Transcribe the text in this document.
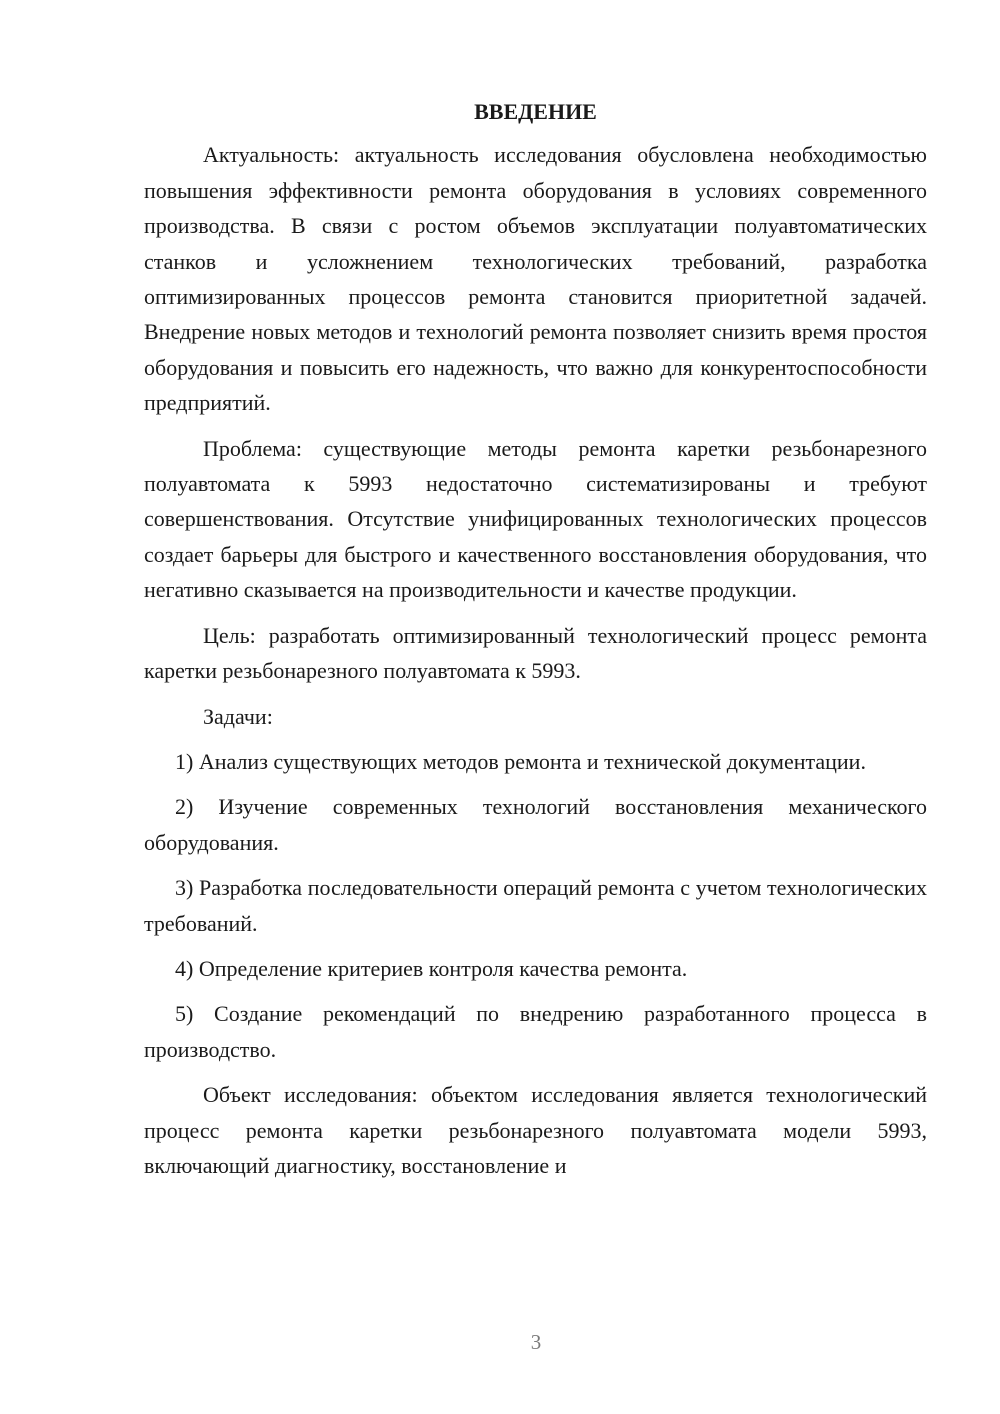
ВВЕДЕНИЕ

Актуальность: актуальность исследования обусловлена необходимостью повышения эффективности ремонта оборудования в условиях современного производства. В связи с ростом объемов эксплуатации полуавтоматических станков и усложнением технологических требований, разработка оптимизированных процессов ремонта становится приоритетной задачей. Внедрение новых методов и технологий ремонта позволяет снизить время простоя оборудования и повысить его надежность, что важно для конкурентоспособности предприятий.

Проблема: существующие методы ремонта каретки резьбонарезного полуавтомата к 5993 недостаточно систематизированы и требуют совершенствования. Отсутствие унифицированных технологических процессов создает барьеры для быстрого и качественного восстановления оборудования, что негативно сказывается на производительности и качестве продукции.

Цель: разработать оптимизированный технологический процесс ремонта каретки резьбонарезного полуавтомата к 5993.

Задачи:

1) Анализ существующих методов ремонта и технической документации.

2) Изучение современных технологий восстановления механического оборудования.

3) Разработка последовательности операций ремонта с учетом технологических требований.

4) Определение критериев контроля качества ремонта.

5) Создание рекомендаций по внедрению разработанного процесса в производство.

Объект исследования: объектом исследования является технологический процесс ремонта каретки резьбонарезного полуавтомата модели 5993, включающий диагностику, восстановление и

3
